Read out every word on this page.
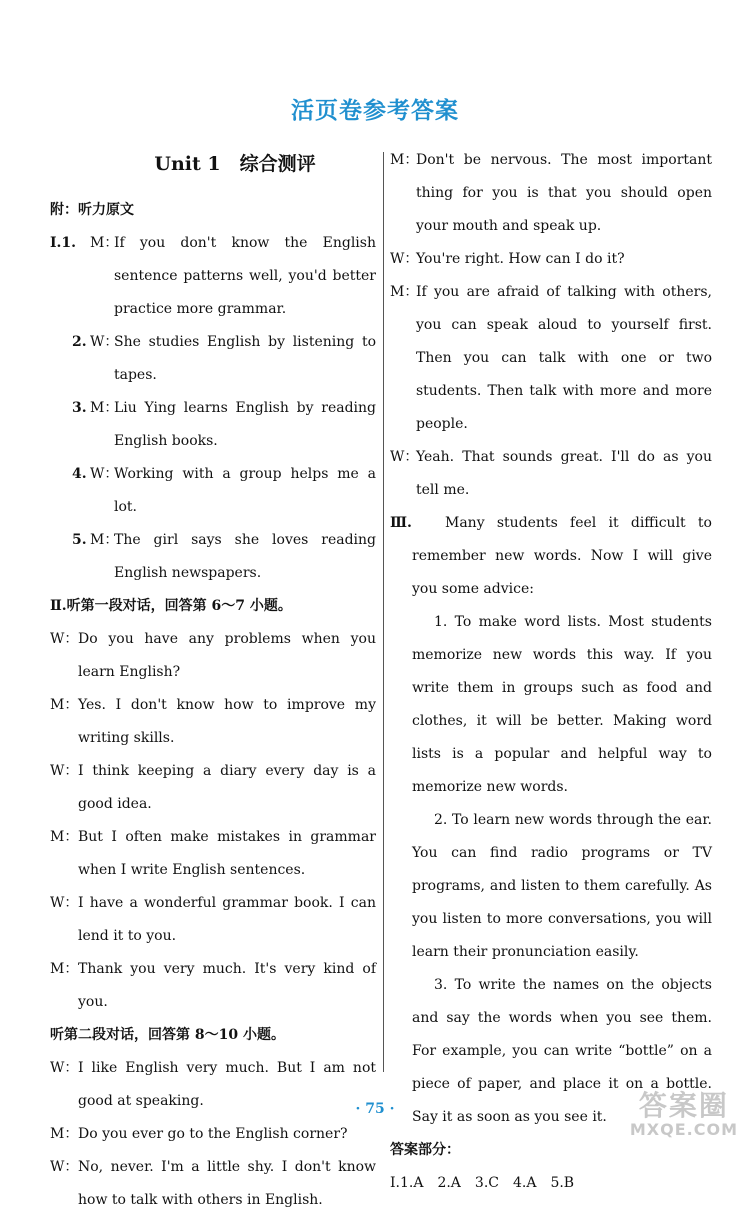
活页卷参考答案
Unit 1　综合测评
附：听力原文
Ⅰ.1. M：
If you don't know the English sentence patterns well, you'd better practice more grammar.
2. W：
She studies English by listening to tapes.
3. M：
Liu Ying learns English by reading English books.
4. W：
Working with a group helps me a lot.
5. M：
The girl says she loves reading English newspapers.
Ⅱ.听第一段对话，回答第 6～7 小题。
W： Do you have any problems when you learn English?
M： Yes. I don't know how to improve my writing skills.
W： I think keeping a diary every day is a good idea.
M： But I often make mistakes in grammar when I write English sentences.
W： I have a wonderful grammar book. I can lend it to you.
M： Thank you very much. It's very kind of you.
听第二段对话，回答第 8～10 小题。
W： I like English very much. But I am not good at speaking.
M： Do you ever go to the English corner?
W： No, never. I'm a little shy. I don't know how to talk with others in English.
M：
Don't be nervous. The most important thing for you is that you should open your mouth and speak up.
W：
You're right. How can I do it?
M：
If you are afraid of talking with others, you can speak aloud to yourself first. Then you can talk with one or two students. Then talk with more and more people.
W：
Yeah. That sounds great. I'll do as you tell me.
Ⅲ.	Many students feel it difficult to remember new words. Now I will give you some advice:
1. To make word lists. Most students memorize new words this way. If you write them in groups such as food and clothes, it will be better. Making word lists is a popular and helpful way to memorize new words.
2. To learn new words through the ear. You can find radio programs or TV programs, and listen to them carefully. As you listen to more conversations, you will learn their pronunciation easily.
3. To write the names on the objects and say the words when you see them. For example, you can write “bottle” on a piece of paper, and place it on a bottle. Say it as soon as you see it.
答案部分：
Ⅰ.1.A　2.A　3.C　4.A　5.B
· 75 ·	答案圈
MXQE.COM
